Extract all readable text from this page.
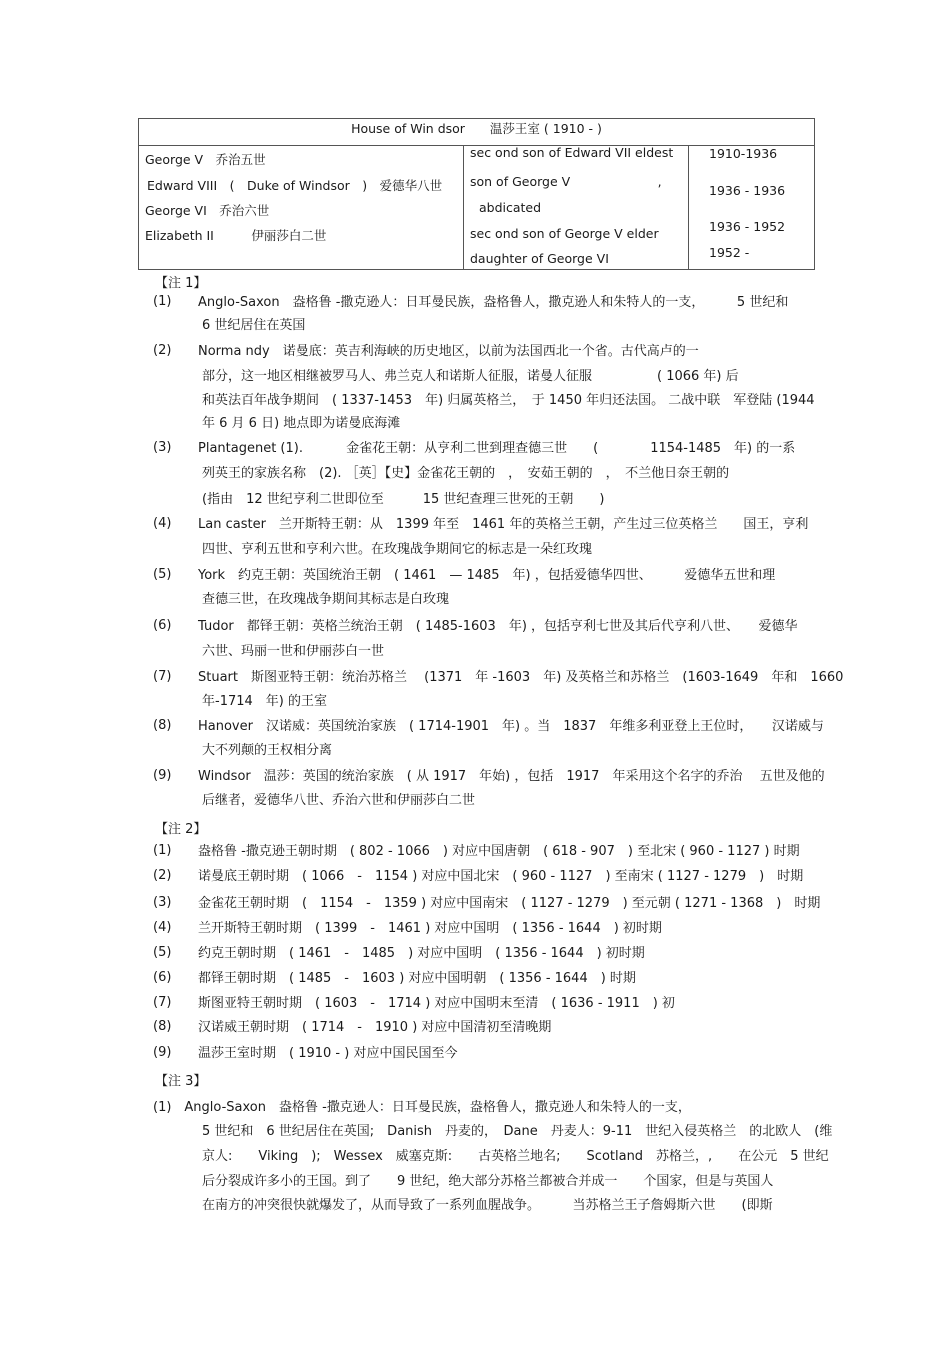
House of Win dsor　　温莎王室 ( 1910 - )
George V　乔治五世
Edward VIII　(　Duke of Windsor　)　爱德华八世
George VI　乔治六世
Elizabeth II　　　伊丽莎白二世
sec ond son of Edward VII eldest
son of George V　　　　　　　,
abdicated
sec ond son of George V elder
daughter of George VI
1910-1936
1936 - 1936
1936 - 1952
1952 -
【注 1】
(1) Anglo-Saxon　盎格鲁 -撒克逊人：日耳曼民族，盎格鲁人，撒克逊人和朱特人的一支，　　　5 世纪和
6 世纪居住在英国
(2) Norma ndy　诺曼底：英吉利海峡的历史地区，以前为法国西北一个省。古代高卢的一
部分，这一地区相继被罗马人、弗兰克人和诺斯人征服，诺曼人征服　　　　　( 1066 年) 后
和英法百年战争期间　( 1337-1453　年) 归属英格兰，　于 1450 年归还法国。 二战中联　军登陆 (1944
年 6 月 6 日) 地点即为诺曼底海滩
(3) Plantagenet (1).　　　 金雀花王朝：从亨利二世到理查德三世　　(　　　　1154-1485　年) 的一系
列英王的家族名称　(2). ［英］【史】金雀花王朝的　，　安茹王朝的　，　不兰他日奈王朝的
(指由　12 世纪亨利二世即位至　　　15 世纪查理三世死的王朝　　)
(4) Lan caster　兰开斯特王朝：从　1399 年至　1461 年的英格兰王朝，产生过三位英格兰　　国王，亨利
四世、亨利五世和亨利六世。在玫瑰战争期间它的标志是一朵红玫瑰
(5) York　约克王朝：英国统治王朝　( 1461　— 1485　年) ，包括爱德华四世、　　　爱德华五世和理
查德三世，在玫瑰战争期间其标志是白玫瑰
(6) Tudor　都铎王朝：英格兰统治王朝　( 1485-1603　年) ，包括亨利七世及其后代亨利八世、　　爱德华
六世、玛丽一世和伊丽莎白一世
(7) Stuart　斯图亚特王朝：统治苏格兰　 (1371　年 -1603　年) 及英格兰和苏格兰　(1603-1649　年和　1660
年-1714　年) 的王室
(8) Hanover　汉诺威：英国统治家族　( 1714-1901　年) 。当　1837　年维多利亚登上王位时，　　汉诺威与
大不列颠的王权相分离
(9) Windsor　温莎：英国的统治家族　( 从 1917　年始) ，包括　1917　年采用这个名字的乔治　 五世及他的
后继者，爱德华八世、乔治六世和伊丽莎白二世
【注 2】
(1) 盎格鲁 -撒克逊王朝时期　( 802 - 1066　) 对应中国唐朝　( 618 - 907　) 至北宋 ( 960 - 1127 ) 时期
(2) 诺曼底王朝时期　( 1066　-　1154 ) 对应中国北宋　( 960 - 1127　) 至南宋 ( 1127 - 1279　)　时期
(3) 金雀花王朝时期　(　1154　-　1359 ) 对应中国南宋　( 1127 - 1279　) 至元朝 ( 1271 - 1368　)　时期
(4) 兰开斯特王朝时期　( 1399　-　1461 ) 对应中国明　( 1356 - 1644　) 初时期
(5) 约克王朝时期　( 1461　-　1485　) 对应中国明　( 1356 - 1644　) 初时期
(6) 都铎王朝时期　( 1485　-　1603 ) 对应中国明朝　( 1356 - 1644　) 时期
(7) 斯图亚特王朝时期　( 1603　-　1714 ) 对应中国明末至清　( 1636 - 1911　) 初
(8) 汉诺威王朝时期　( 1714　-　1910 ) 对应中国清初至清晚期
(9) 温莎王室时期　( 1910 - ) 对应中国民国至今
【注 3】
(1)　Anglo-Saxon　盎格鲁 -撒克逊人：日耳曼民族，盎格鲁人，撒克逊人和朱特人的一支，
5 世纪和　6 世纪居住在英国;　Danish　丹麦的，　Dane　丹麦人：9-11　世纪入侵英格兰　的北欧人　(维
京人:　　Viking　);　Wessex　威塞克斯:　　古英格兰地名;　　Scotland　苏格兰，,　　在公元　5 世纪
后分裂成许多小的王国。到了　　9 世纪，绝大部分苏格兰都被合并成一　　个国家，但是与英国人
在南方的冲突很快就爆发了，从而导致了一系列血腥战争。　　　当苏格兰王子詹姆斯六世　　(即斯
